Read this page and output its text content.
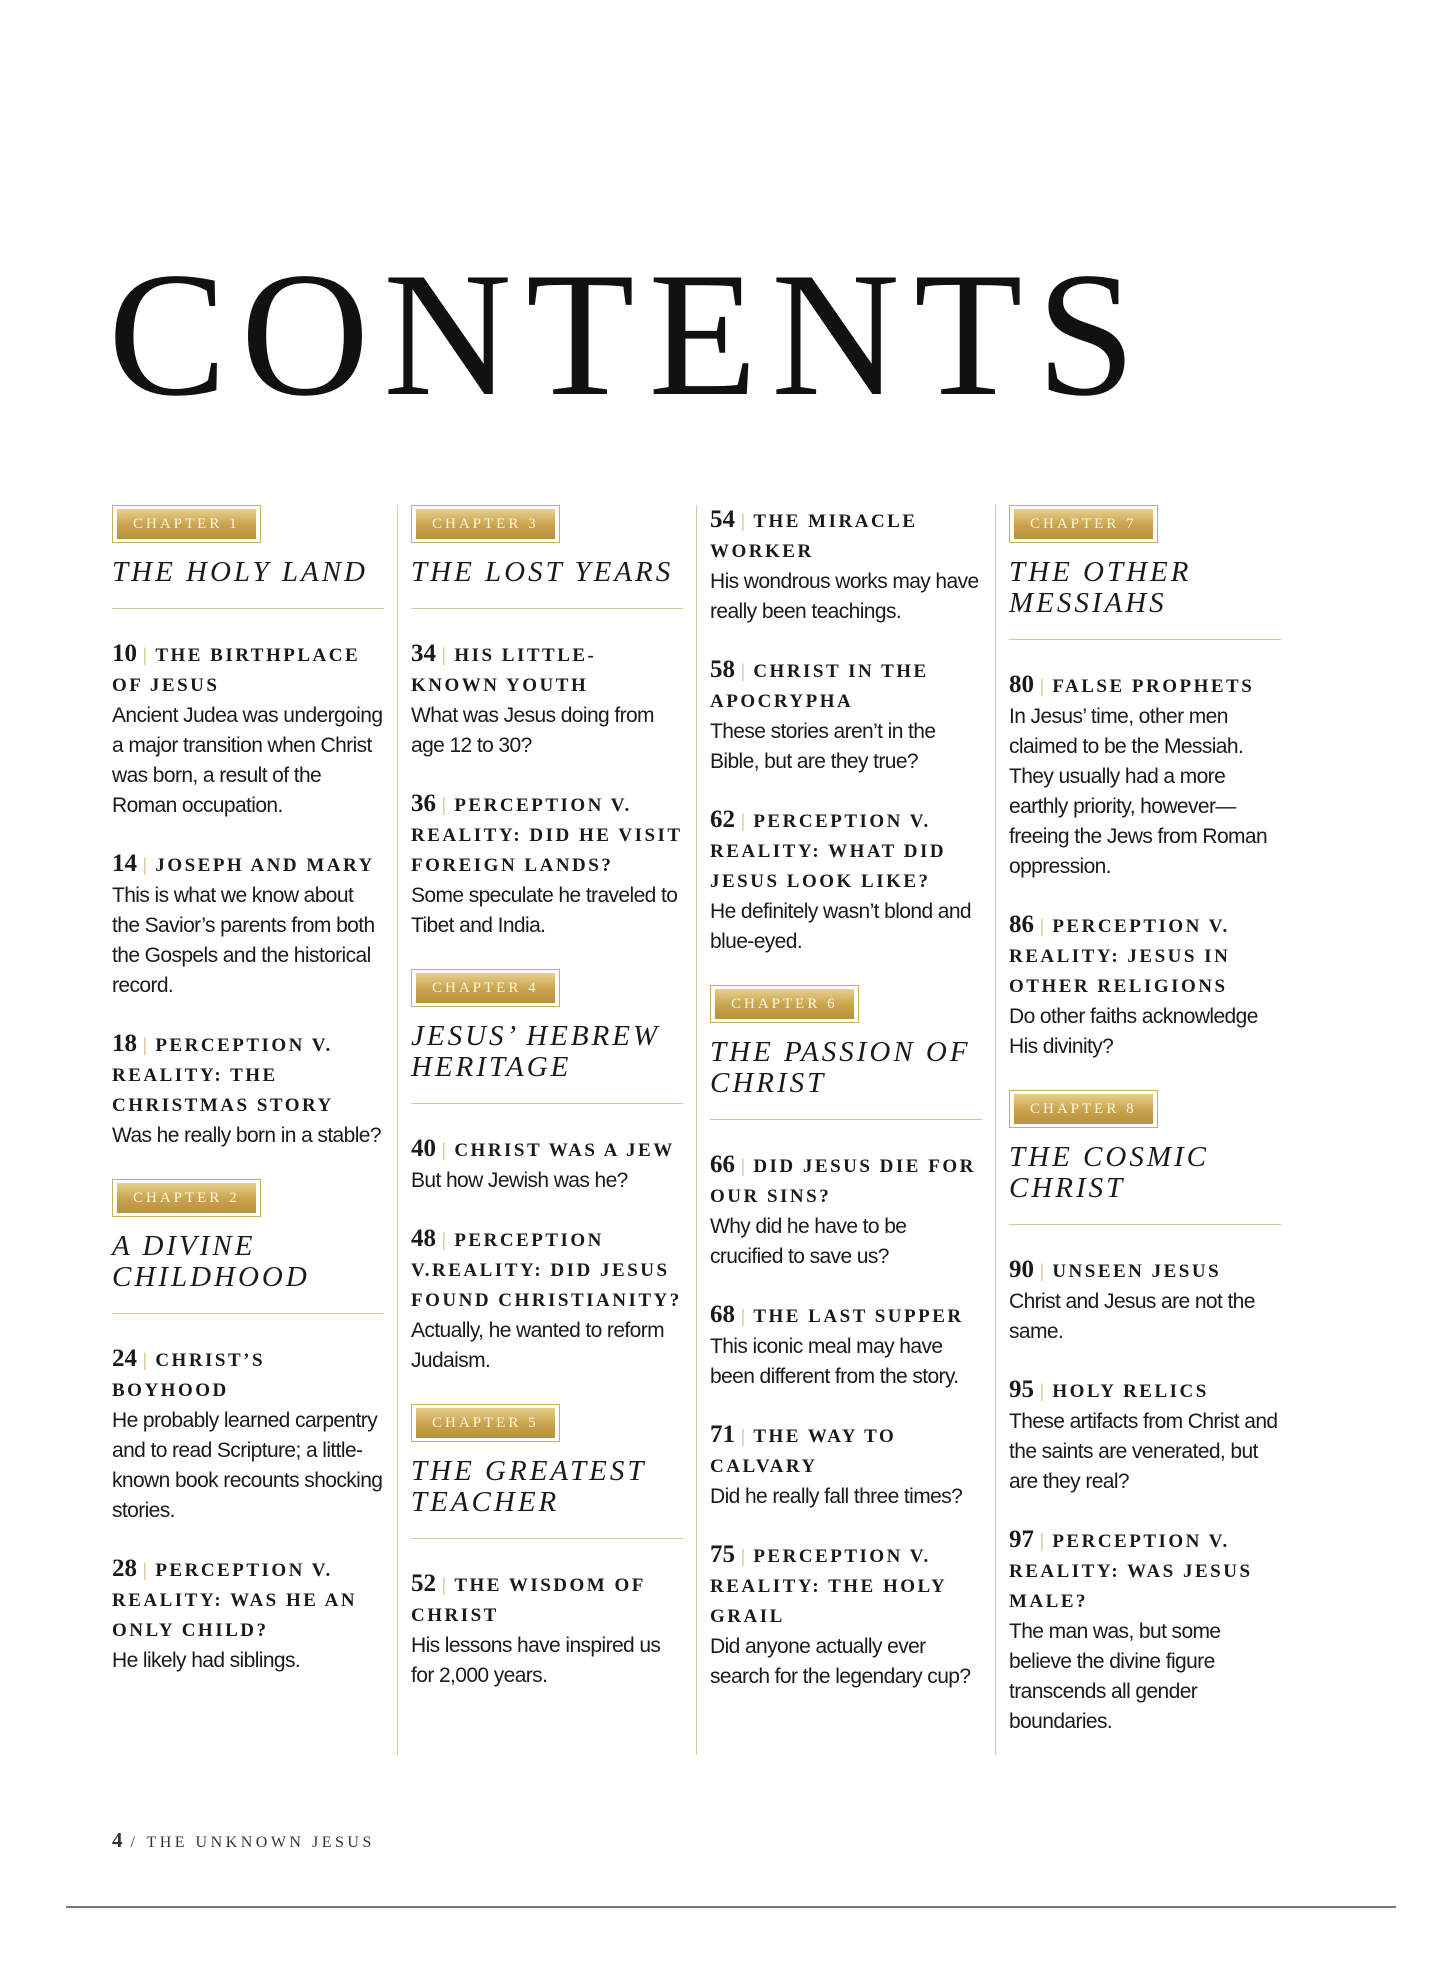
CONTENTS
CHAPTER 1
THE HOLY LAND
10 | THE BIRTHPLACE OF JESUS
Ancient Judea was undergoing a major transition when Christ was born, a result of the Roman occupation.
14 | JOSEPH AND MARY
This is what we know about the Savior’s parents from both the Gospels and the historical record.
18 | PERCEPTION V. REALITY: THE CHRISTMAS STORY
Was he really born in a stable?
CHAPTER 2
A DIVINE CHILDHOOD
24 | CHRIST’S BOYHOOD
He probably learned carpentry and to read Scripture; a little-known book recounts shocking stories.
28 | PERCEPTION V. REALITY: WAS HE AN ONLY CHILD?
He likely had siblings.
CHAPTER 3
THE LOST YEARS
34 | HIS LITTLE-KNOWN YOUTH
What was Jesus doing from age 12 to 30?
36 | PERCEPTION V. REALITY: DID HE VISIT FOREIGN LANDS?
Some speculate he traveled to Tibet and India.
CHAPTER 4
JESUS’ HEBREW HERITAGE
40 | CHRIST WAS A JEW
But how Jewish was he?
48 | PERCEPTION V.REALITY: DID JESUS FOUND CHRISTIANITY?
Actually, he wanted to reform Judaism.
CHAPTER 5
THE GREATEST TEACHER
52 | THE WISDOM OF CHRIST
His lessons have inspired us for 2,000 years.
54 | THE MIRACLE WORKER
His wondrous works may have really been teachings.
58 | CHRIST IN THE APOCRYPHA
These stories aren’t in the Bible, but are they true?
62 | PERCEPTION V. REALITY: WHAT DID JESUS LOOK LIKE?
He definitely wasn’t blond and blue-eyed.
CHAPTER 6
THE PASSION OF CHRIST
66 | DID JESUS DIE FOR OUR SINS?
Why did he have to be crucified to save us?
68 | THE LAST SUPPER
This iconic meal may have been different from the story.
71 | THE WAY TO CALVARY
Did he really fall three times?
75 | PERCEPTION V. REALITY: THE HOLY GRAIL
Did anyone actually ever search for the legendary cup?
CHAPTER 7
THE OTHER MESSIAHS
80 | FALSE PROPHETS
In Jesus’ time, other men claimed to be the Messiah. They usually had a more earthly priority, however—freeing the Jews from Roman oppression.
86 | PERCEPTION V. REALITY: JESUS IN OTHER RELIGIONS
Do other faiths acknowledge His divinity?
CHAPTER 8
THE COSMIC CHRIST
90 | UNSEEN JESUS
Christ and Jesus are not the same.
95 | HOLY RELICS
These artifacts from Christ and the saints are venerated, but are they real?
97 | PERCEPTION V. REALITY: WAS JESUS MALE?
The man was, but some believe the divine figure transcends all gender boundaries.
4 / THE UNKNOWN JESUS
